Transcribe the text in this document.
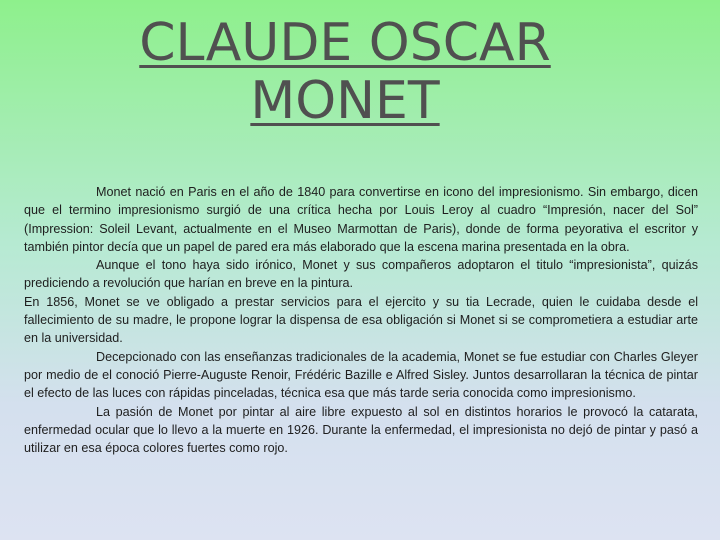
CLAUDE OSCAR
MONET

Monet nació en Paris en el año de 1840 para convertirse en icono del impresionismo. Sin embargo, dicen que el termino impresionismo surgió de una crítica hecha por Louis Leroy al cuadro “Impresión, nacer del Sol” (Impression: Soleil Levant, actualmente en el Museo Marmottan de Paris), donde de forma peyorativa el escritor y también pintor decía que un papel de pared era más elaborado que la escena marina presentada en la obra.

Aunque el tono haya sido irónico, Monet y sus compañeros adoptaron el titulo “impresionista”, quizás prediciendo a revolución que harían en breve en la pintura.

En 1856, Monet se ve obligado a prestar servicios para el ejercito y su tia Lecrade, quien le cuidaba desde el fallecimiento de su madre, le propone lograr la dispensa de esa obligación si Monet si se comprometiera a estudiar arte en la universidad.

Decepcionado con las enseñanzas tradicionales de la academia, Monet se fue estudiar con Charles Gleyer por medio de el conoció Pierre-Auguste Renoir, Frédéric Bazille e Alfred Sisley. Juntos desarrollaran la técnica de pintar el efecto de las luces con rápidas pinceladas, técnica esa que más tarde seria conocida como impresionismo.

La pasión de Monet por pintar al aire libre expuesto al sol en distintos horarios le provocó la catarata, enfermedad ocular que lo llevo a la muerte en 1926. Durante la enfermedad, el impresionista no dejó de pintar y pasó a utilizar en esa época colores fuertes como rojo.
